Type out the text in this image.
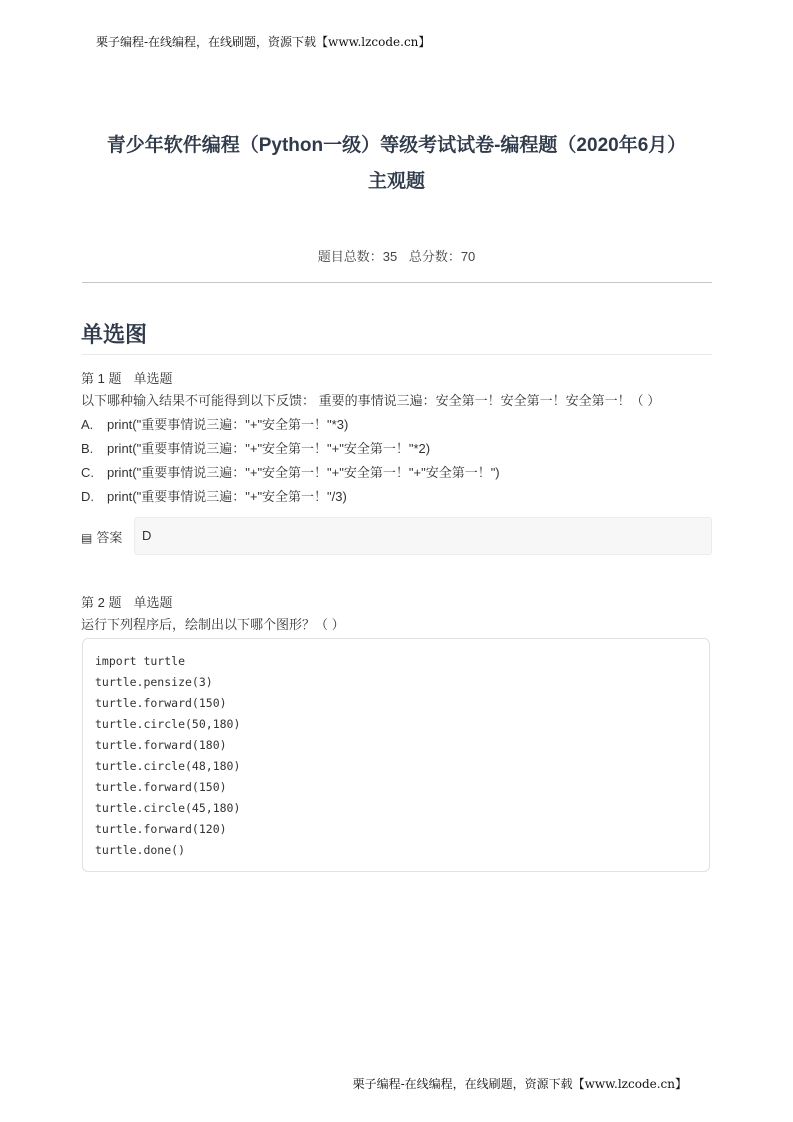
栗子编程-在线编程，在线刷题，资源下载【www.lzcode.cn】
青少年软件编程（Python一级）等级考试试卷-编程题（2020年6月）
主观题
题目总数：35 总分数：70
单选图
第 1 题 单选题
以下哪种输入结果不可能得到以下反馈： 重要的事情说三遍：安全第一！安全第一！安全第一！（ ）
A. print("重要事情说三遍："+"安全第一！"*3)
B. print("重要事情说三遍："+"安全第一！"+"安全第一！"*2)
C. print("重要事情说三遍："+"安全第一！"+"安全第一！"+"安全第一！")
D. print("重要事情说三遍："+"安全第一！"/3)
▤ 答案	D
第 2 题 单选题
运行下列程序后，绘制出以下哪个图形？（ ）
import turtle
turtle.pensize(3)
turtle.forward(150)
turtle.circle(50,180)
turtle.forward(180)
turtle.circle(48,180)
turtle.forward(150)
turtle.circle(45,180)
turtle.forward(120)
turtle.done()
栗子编程-在线编程，在线刷题，资源下载【www.lzcode.cn】
